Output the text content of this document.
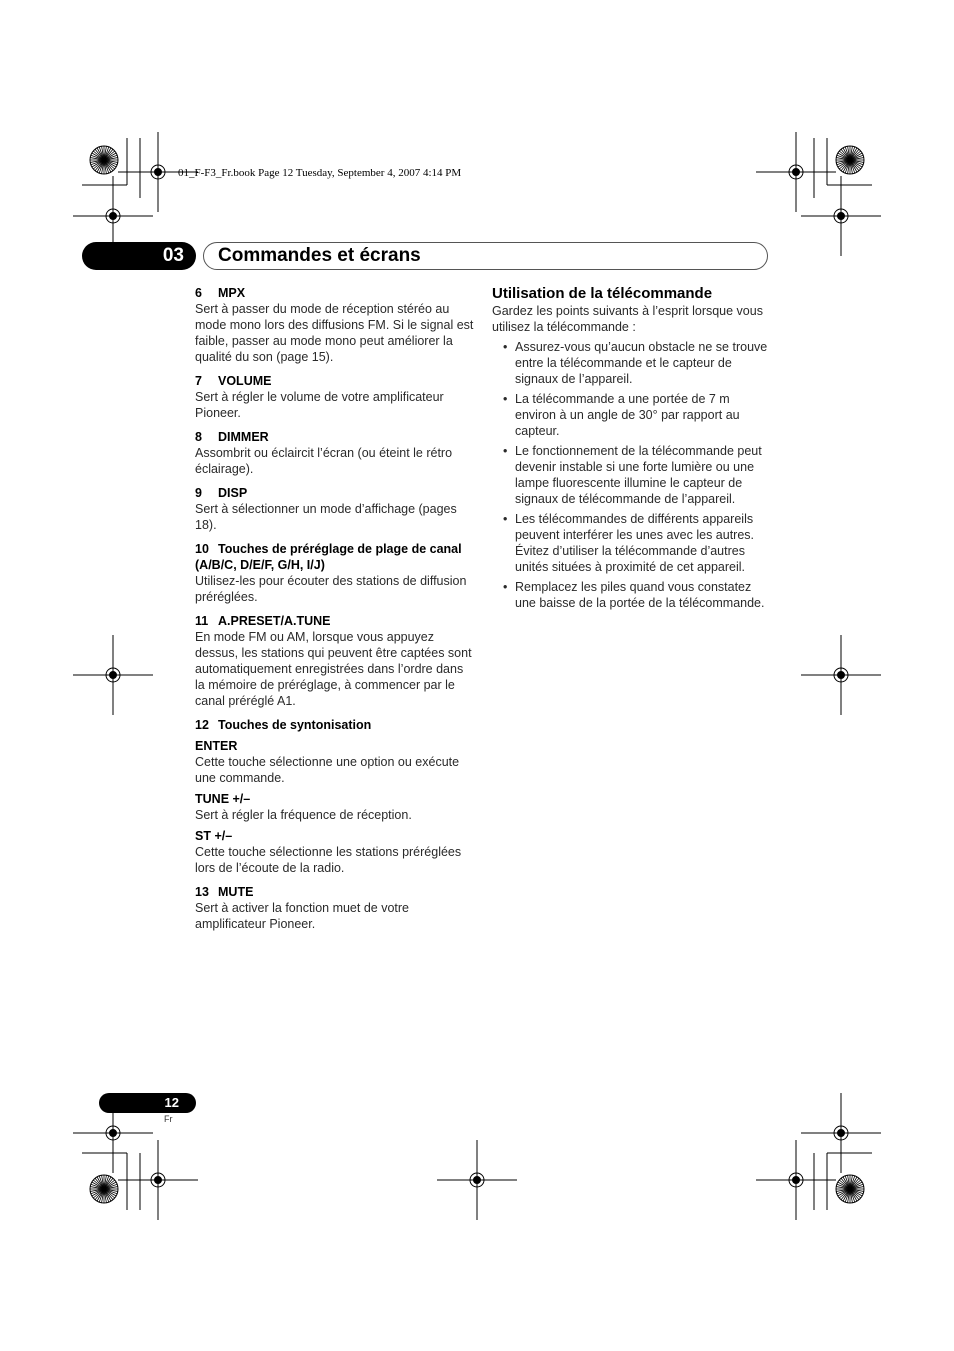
01_F-F3_Fr.book Page 12 Tuesday, September 4, 2007 4:14 PM
03	Commandes et écrans
6 MPX
Sert à passer du mode de réception stéréo au mode mono lors des diffusions FM. Si le signal est faible, passer au mode mono peut améliorer la qualité du son (page 15).
7 VOLUME
Sert à régler le volume de votre amplificateur Pioneer.
8 DIMMER
Assombrit ou éclaircit l’écran (ou éteint le rétro éclairage).
9 DISP
Sert à sélectionner un mode d’affichage (pages 18).
10 Touches de préréglage de plage de canal (A/B/C, D/E/F, G/H, I/J)
Utilisez-les pour écouter des stations de diffusion préréglées.
11 A.PRESET/A.TUNE
En mode FM ou AM, lorsque vous appuyez dessus, les stations qui peuvent être captées sont automatiquement enregistrées dans l’ordre dans la mémoire de préréglage, à commencer par le canal préréglé A1.
12 Touches de syntonisation
ENTER
Cette touche sélectionne une option ou exécute une commande.
TUNE +/–
Sert à régler la fréquence de réception.
ST +/–
Cette touche sélectionne les stations préréglées lors de l’écoute de la radio.
13 MUTE
Sert à activer la fonction muet de votre amplificateur Pioneer.
Utilisation de la télécommande
Gardez les points suivants à l’esprit lorsque vous utilisez la télécommande :
• Assurez-vous qu’aucun obstacle ne se trouve entre la télécommande et le capteur de signaux de l’appareil.
• La télécommande a une portée de 7 m environ à un angle de 30° par rapport au capteur.
• Le fonctionnement de la télécommande peut devenir instable si une forte lumière ou une lampe fluorescente illumine le capteur de signaux de télécommande de l’appareil.
• Les télécommandes de différents appareils peuvent interférer les unes avec les autres. Évitez d’utiliser la télécommande d’autres unités situées à proximité de cet appareil.
• Remplacez les piles quand vous constatez une baisse de la portée de la télécommande.
12
Fr
